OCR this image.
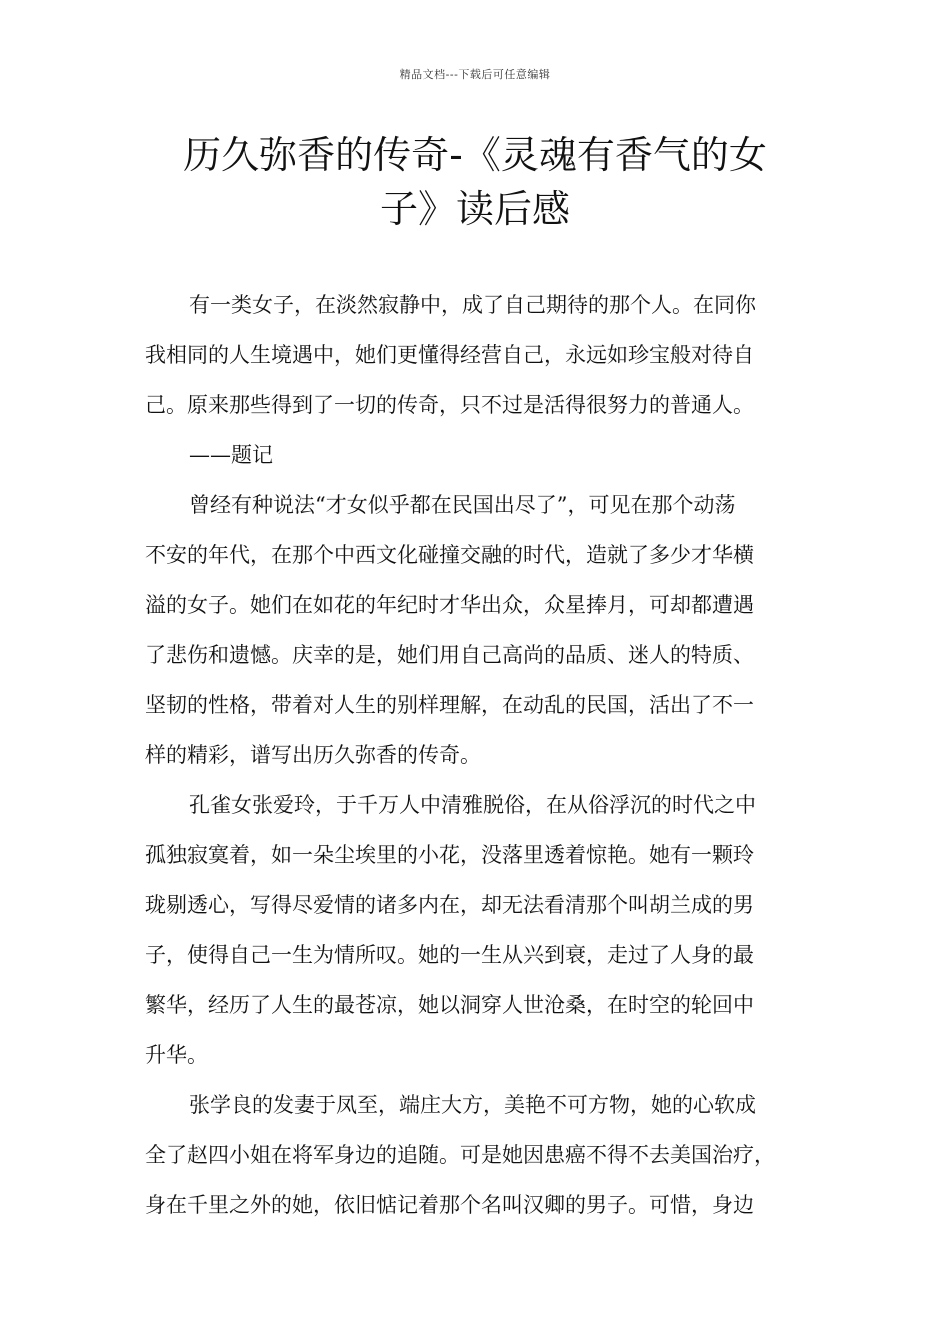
精品文档---下载后可任意编辑
历久弥香的传奇-《灵魂有香气的女
子》读后感
有一类女子，在淡然寂静中，成了自己期待的那个人。在同你
我相同的人生境遇中，她们更懂得经营自己，永远如珍宝般对待自
己。原来那些得到了一切的传奇，只不过是活得很努力的普通人。
——题记
曾经有种说法“才女似乎都在民国出尽了”，可见在那个动荡
不安的年代，在那个中西文化碰撞交融的时代，造就了多少才华横
溢的女子。她们在如花的年纪时才华出众，众星捧月，可却都遭遇
了悲伤和遗憾。庆幸的是，她们用自己高尚的品质、迷人的特质、
坚韧的性格，带着对人生的别样理解，在动乱的民国，活出了不一
样的精彩，谱写出历久弥香的传奇。
孔雀女张爱玲，于千万人中清雅脱俗，在从俗浮沉的时代之中
孤独寂寞着，如一朵尘埃里的小花，没落里透着惊艳。她有一颗玲
珑剔透心，写得尽爱情的诸多内在，却无法看清那个叫胡兰成的男
子，使得自己一生为情所叹。她的一生从兴到衰，走过了人身的最
繁华，经历了人生的最苍凉，她以洞穿人世沧桑，在时空的轮回中
升华。
张学良的发妻于凤至，端庄大方，美艳不可方物，她的心软成
全了赵四小姐在将军身边的追随。可是她因患癌不得不去美国治疗，
身在千里之外的她，依旧惦记着那个名叫汉卿的男子。可惜，身边
